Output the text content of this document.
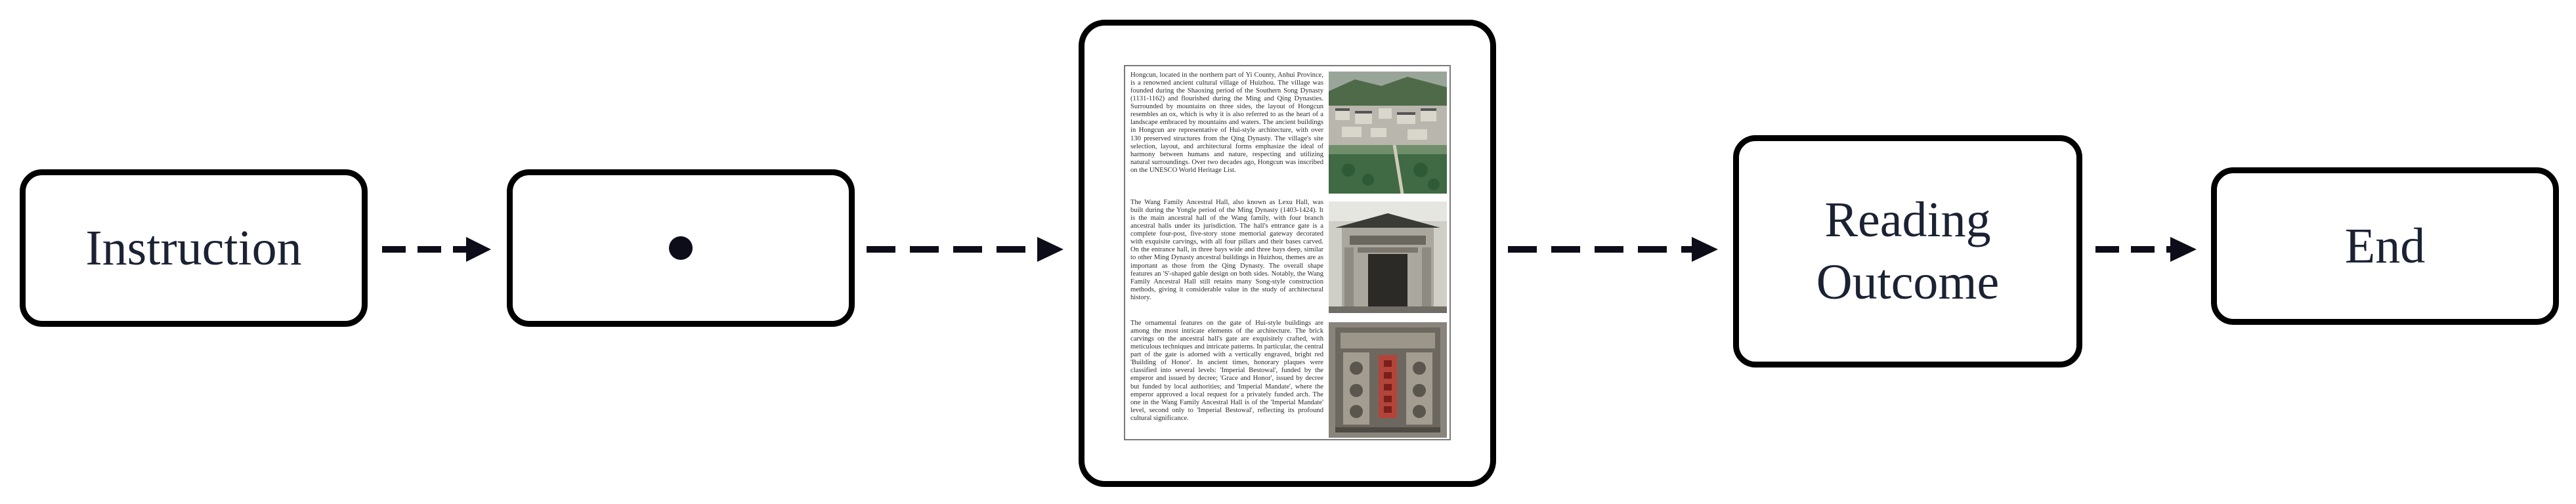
Instruction
Hongcun, located in the northern part of Yi County, Anhui Province, is a renowned ancient cultural village of Huizhou. The village was founded during the Shaoxing period of the Southern Song Dynasty (1131-1162) and flourished during the Ming and Qing Dynasties. Surrounded by mountains on three sides, the layout of Hongcun resembles an ox, which is why it is also referred to as the heart of a landscape embraced by mountains and waters. The ancient buildings in Hongcun are representative of Hui-style architecture, with over 130 preserved structures from the Qing Dynasty. The village's site selection, layout, and architectural forms emphasize the ideal of harmony between humans and nature, respecting and utilizing natural surroundings. Over two decades ago, Hongcun was inscribed on the UNESCO World Heritage List.
The Wang Family Ancestral Hall, also known as Lexu Hall, was built during the Yongle period of the Ming Dynasty (1403-1424). It is the main ancestral hall of the Wang family, with four branch ancestral halls under its jurisdiction. The hall's entrance gate is a complete four-post, five-story stone memorial gateway decorated with exquisite carvings, with all four pillars and their bases carved. On the entrance hall, in three bays wide and three bays deep, similar to other Ming Dynasty ancestral buildings in Huizhou, themes are as important as those from the Qing Dynasty. The overall shape features an 'S'-shaped gable design on both sides. Notably, the Wang Family Ancestral Hall still retains many Song-style construction methods, giving it considerable value in the study of architectural history.
The ornamental features on the gate of Hui-style buildings are among the most intricate elements of the architecture. The brick carvings on the ancestral hall's gate are exquisitely crafted, with meticulous techniques and intricate patterns. In particular, the central part of the gate is adorned with a vertically engraved, bright red 'Building of Honor'. In ancient times, honorary plaques were classified into several levels: 'Imperial Bestowal', funded by the emperor and issued by decree; 'Grace and Honor', issued by decree but funded by local authorities; and 'Imperial Mandate', where the emperor approved a local request for a privately funded arch. The one in the Wang Family Ancestral Hall is of the 'Imperial Mandate' level, second only to 'Imperial Bestowal', reflecting its profound cultural significance.
Reading
Outcome
End
